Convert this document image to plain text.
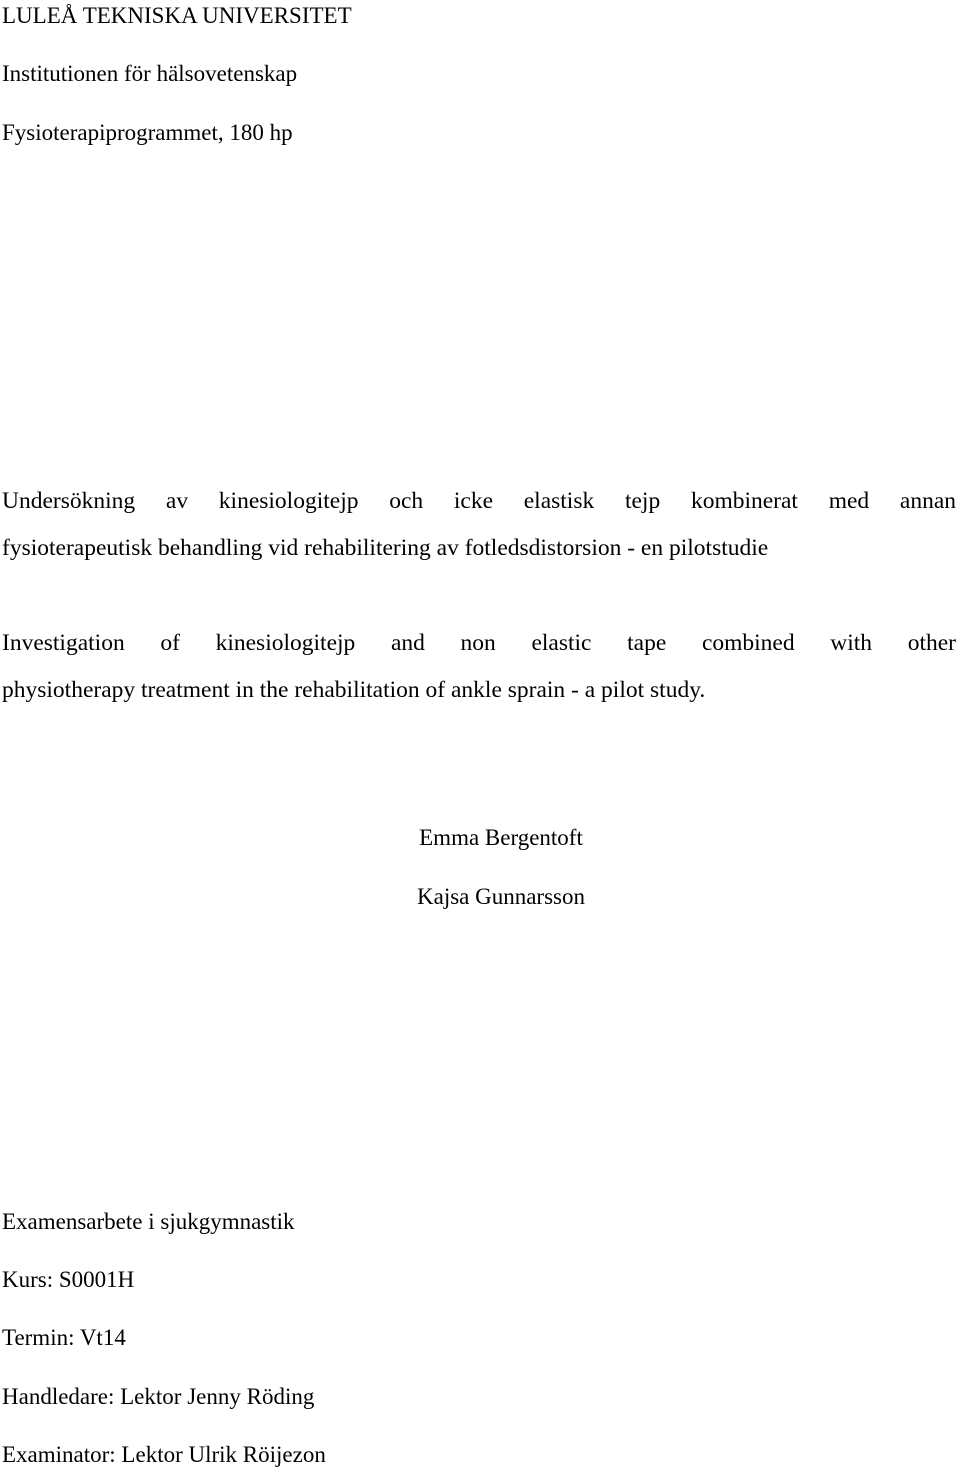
LULEÅ TEKNISKA UNIVERSITET
Institutionen för hälsovetenskap
Fysioterapiprogrammet, 180 hp
Undersökning av kinesiologitejp och icke elastisk tejp kombinerat med annan
fysioterapeutisk behandling vid rehabilitering av fotledsdistorsion - en pilotstudie
Investigation of kinesiologitejp and non elastic tape combined with other
physiotherapy treatment in the rehabilitation of ankle sprain - a pilot study.
Emma Bergentoft
Kajsa Gunnarsson
Examensarbete i sjukgymnastik
Kurs: S0001H
Termin: Vt14
Handledare: Lektor Jenny Röding
Examinator: Lektor Ulrik Röijezon
